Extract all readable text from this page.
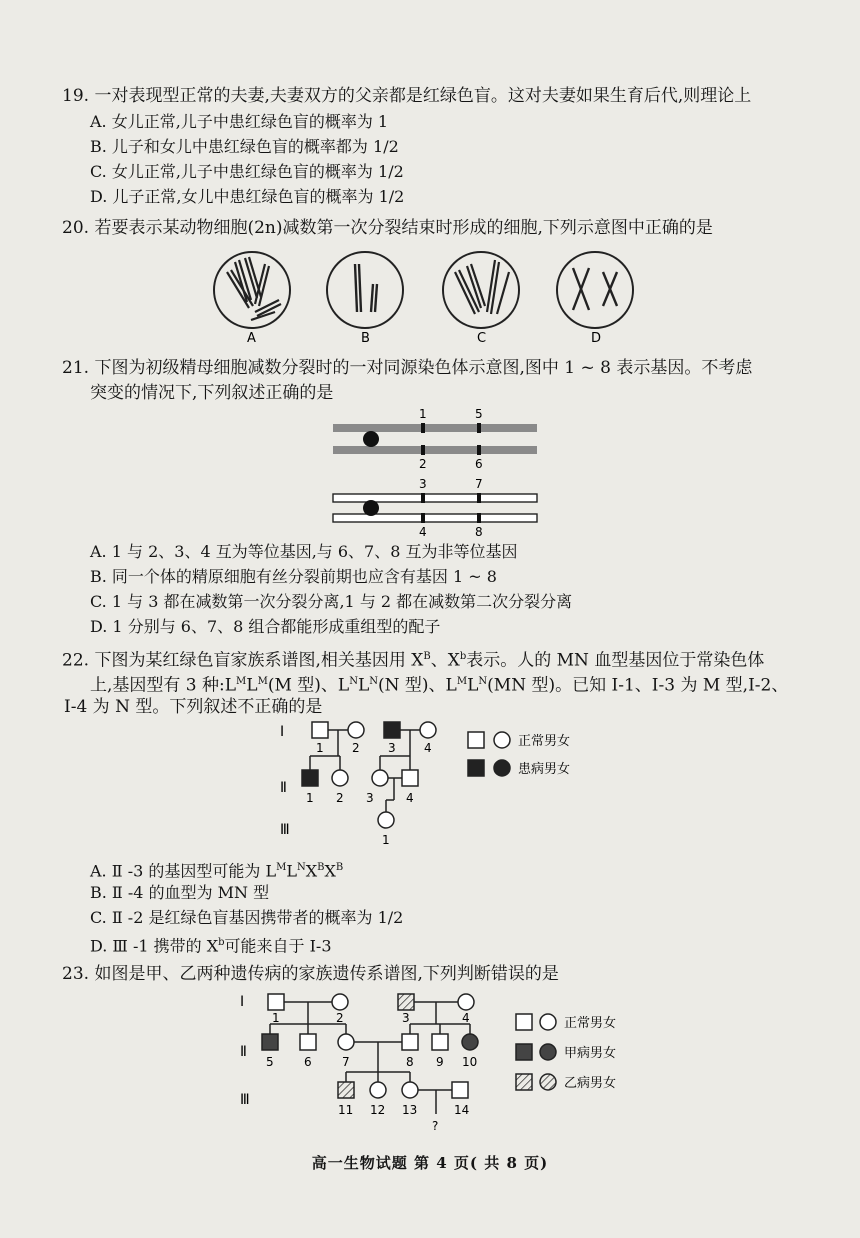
19. 一对表现型正常的夫妻,夫妻双方的父亲都是红绿色盲。这对夫妻如果生育后代,则理论上
A. 女儿正常,儿子中患红绿色盲的概率为 1
B. 儿子和女儿中患红绿色盲的概率都为 1/2
C. 女儿正常,儿子中患红绿色盲的概率为 1/2
D. 儿子正常,女儿中患红绿色盲的概率为 1/2
20. 若要表示某动物细胞(2n)减数第一次分裂结束时形成的细胞,下列示意图中正确的是
A	B	C	D
21. 下图为初级精母细胞减数分裂时的一对同源染色体示意图,图中 1 ~ 8 表示基因。不考虑
突变的情况下,下列叙述正确的是
1
2
5
6
3
4
7
8
A. 1 与 2、3、4 互为等位基因,与 6、7、8 互为非等位基因
B. 同一个体的精原细胞有丝分裂前期也应含有基因 1 ~ 8
C. 1 与 3 都在减数第一次分裂分离,1 与 2 都在减数第二次分裂分离
D. 1 分别与 6、7、8 组合都能形成重组型的配子
22. 下图为某红绿色盲家族系谱图,相关基因用 $X^B$、$X^b$表示。人的 MN 血型基因位于常染色体
上,基因型有 3 种$:L^ML^M(M$ 型)、$L^NL^N(N$ 型)、$L^ML^N(MN$ 型)。已知 Ⅰ-1、Ⅰ-3 为 M 型,Ⅰ-2、
Ⅰ-4 为 N 型。下列叙述不正确的是
Ⅰ
Ⅱ
Ⅲ
1 2 3 4
1 2 3	4
1
正常男女
患病男女
A. Ⅱ -3 的基因型可能为 $L^ML^NX^BX^B$
B. Ⅱ -4 的血型为 MN 型
C. Ⅱ -2 是红绿色盲基因携带者的概率为 1/2
D. Ⅲ -1 携带的 $X^b$可能来自于 Ⅰ-3
23. 如图是甲、乙两种遗传病的家族遗传系谱图,下列判断错误的是
Ⅰ
Ⅱ
Ⅲ
1	2	3	4
5	6	7	8 9 10
11 12 13	14
?
正常男女
甲病男女
乙病男女
高一生物试题 第 4 页( 共 8 页)
